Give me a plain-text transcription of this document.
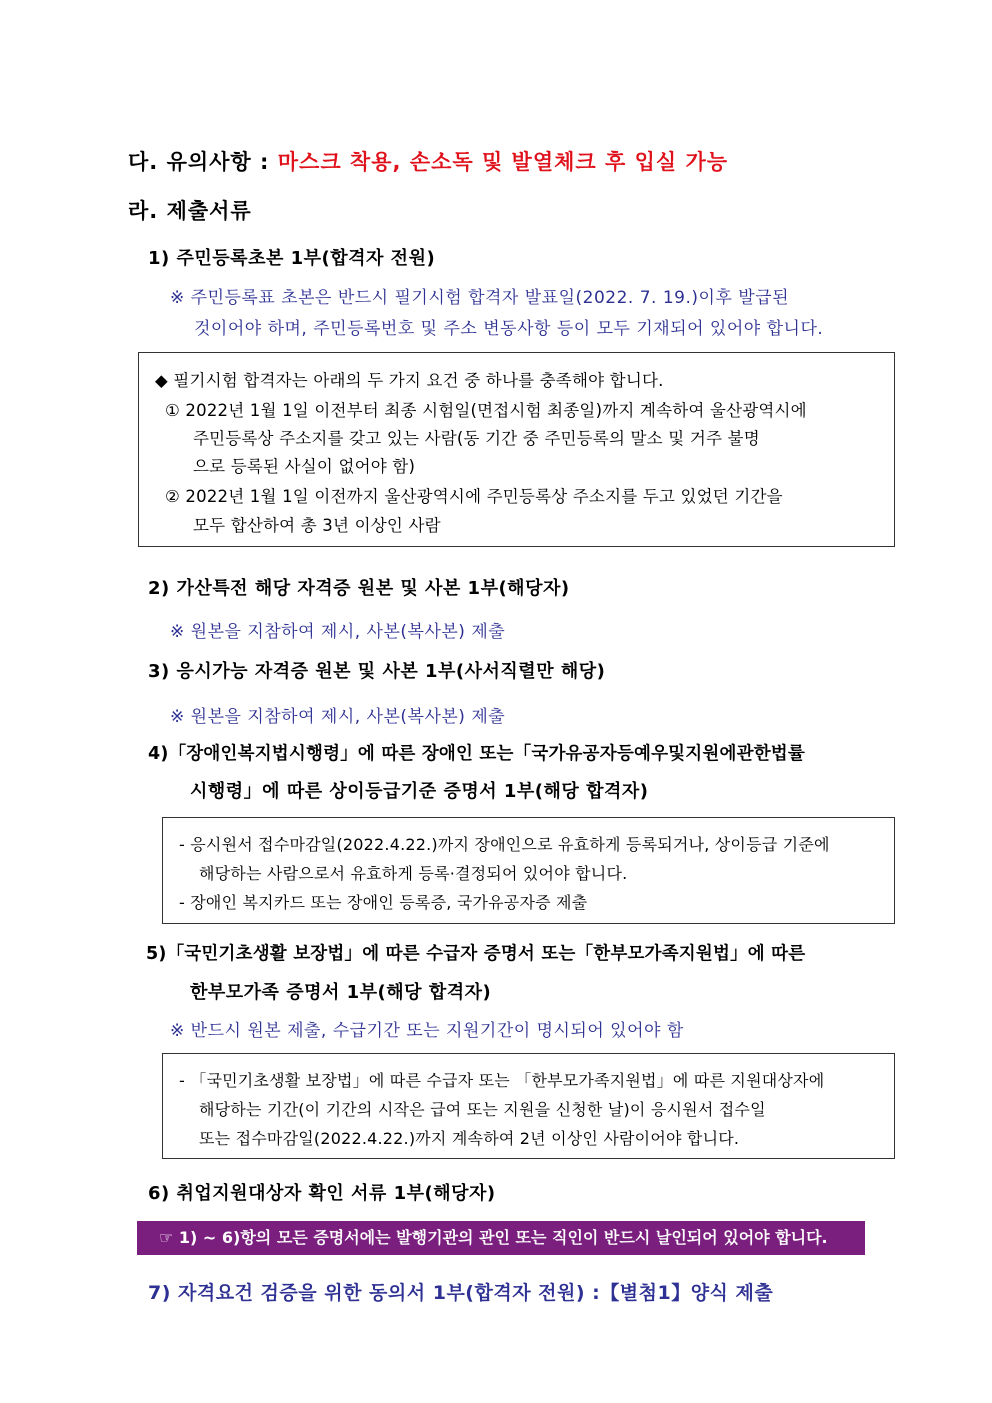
다. 유의사항 : 마스크 착용, 손소독 및 발열체크 후 입실 가능
라. 제출서류
1) 주민등록초본 1부(합격자 전원)
※ 주민등록표 초본은 반드시 필기시험 합격자 발표일(2022. 7. 19.)이후 발급된
것이어야 하며, 주민등록번호 및 주소 변동사항 등이 모두 기재되어 있어야 합니다.
◆ 필기시험 합격자는 아래의 두 가지 요건 중 하나를 충족해야 합니다.
① 2022년 1월 1일 이전부터 최종 시험일(면접시험 최종일)까지 계속하여 울산광역시에
주민등록상 주소지를 갖고 있는 사람(동 기간 중 주민등록의 말소 및 거주 불명
으로 등록된 사실이 없어야 함)
② 2022년 1월 1일 이전까지 울산광역시에 주민등록상 주소지를 두고 있었던 기간을
모두 합산하여 총 3년 이상인 사람
2) 가산특전 해당 자격증 원본 및 사본 1부(해당자)
※ 원본을 지참하여 제시, 사본(복사본) 제출
3) 응시가능 자격증 원본 및 사본 1부(사서직렬만 해당)
※ 원본을 지참하여 제시, 사본(복사본) 제출
4)「장애인복지법시행령」에 따른 장애인 또는「국가유공자등예우및지원에관한법률
시행령」에 따른 상이등급기준 증명서 1부(해당 합격자)
- 응시원서 접수마감일(2022.4.22.)까지 장애인으로 유효하게 등록되거나, 상이등급 기준에
해당하는 사람으로서 유효하게 등록·결정되어 있어야 합니다.
- 장애인 복지카드 또는 장애인 등록증, 국가유공자증 제출
5)「국민기초생활 보장법」에 따른 수급자 증명서 또는「한부모가족지원법」에 따른
한부모가족 증명서 1부(해당 합격자)
※ 반드시 원본 제출, 수급기간 또는 지원기간이 명시되어 있어야 함
- 「국민기초생활 보장법」에 따른 수급자 또는 「한부모가족지원법」에 따른 지원대상자에
해당하는 기간(이 기간의 시작은 급여 또는 지원을 신청한 날)이 응시원서 접수일
또는 접수마감일(2022.4.22.)까지 계속하여 2년 이상인 사람이어야 합니다.
6) 취업지원대상자 확인 서류 1부(해당자)
☞ 1) ~ 6)항의 모든 증명서에는 발행기관의 관인 또는 직인이 반드시 날인되어 있어야 합니다.
7) 자격요건 검증을 위한 동의서 1부(합격자 전원) :【별첨1】양식 제출
